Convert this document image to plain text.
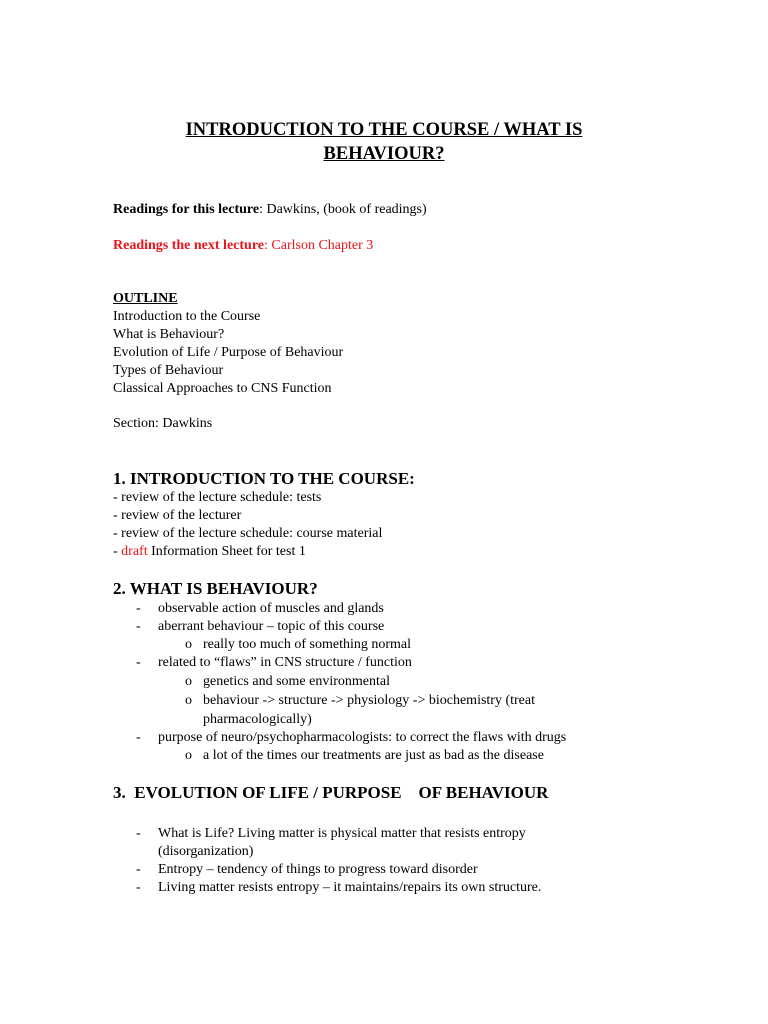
INTRODUCTION TO THE COURSE / WHAT IS
BEHAVIOUR?
Readings for this lecture: Dawkins, (book of readings)
Readings the next lecture: Carlson Chapter 3
OUTLINE
Introduction to the Course
What is Behaviour?
Evolution of Life / Purpose of Behaviour
Types of Behaviour
Classical Approaches to CNS Function
Section: Dawkins
1. INTRODUCTION TO THE COURSE:
- review of the lecture schedule: tests
- review of the lecturer
- review of the lecture schedule: course material
- draft Information Sheet for test 1
2. WHAT IS BEHAVIOUR?
- observable action of muscles and glands
- aberrant behaviour – topic of this course
o really too much of something normal
- related to “flaws” in CNS structure / function
o genetics and some environmental
o behaviour -> structure -> physiology -> biochemistry (treat
pharmacologically)
- purpose of neuro/psychopharmacologists: to correct the flaws with drugs
o a lot of the times our treatments are just as bad as the disease
3.  EVOLUTION OF LIFE / PURPOSE    OF BEHAVIOUR
- What is Life? Living matter is physical matter that resists entropy
(disorganization)
- Entropy – tendency of things to progress toward disorder
- Living matter resists entropy – it maintains/repairs its own structure.
